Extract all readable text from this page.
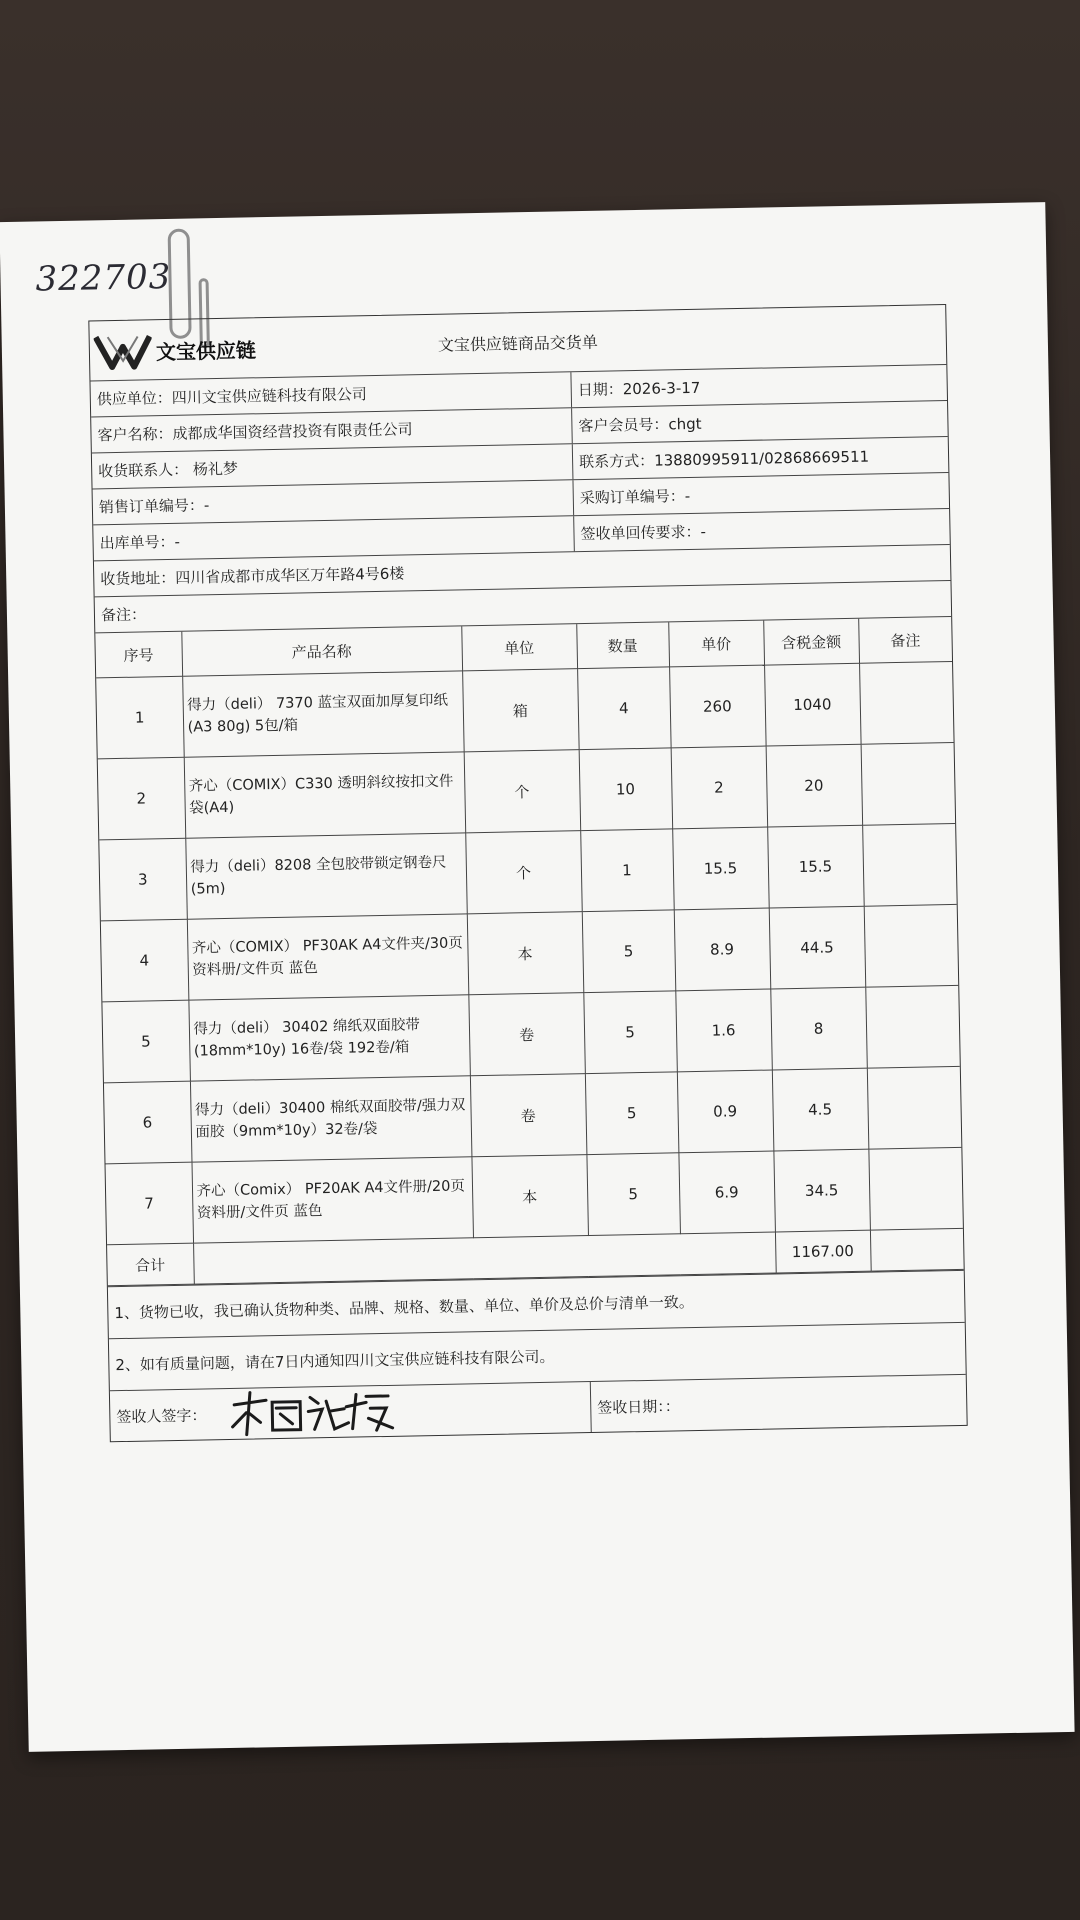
322703
文宝供应链	文宝供应链商品交货单
供应单位：四川文宝供应链科技有限公司	日期：2026-3-17
客户名称：成都成华国资经营投资有限责任公司	客户会员号：chgt
收货联系人： 杨礼梦	联系方式：13880995911/02868669511
销售订单编号：-	采购订单编号：-
出库单号：-	签收单回传要求：-
收货地址：四川省成都市成华区万年路4号6楼
备注：
序号	产品名称	单位	数量	单价	含税金额	备注
1	得力（deli） 7370 蓝宝双面加厚复印纸(A3 80g) 5包/箱	箱	4	260	1040	
2	齐心（COMIX）C330 透明斜纹按扣文件袋(A4)	个	10	2	20	
3	得力（deli）8208 全包胶带锁定钢卷尺(5m)	个	1	15.5	15.5	
4	齐心（COMIX） PF30AK A4文件夹/30页资料册/文件页 蓝色	本	5	8.9	44.5	
5	得力（deli） 30402 绵纸双面胶带(18mm*10y) 16卷/袋 192卷/箱	卷	5	1.6	8	
6	得力（deli）30400 棉纸双面胶带/强力双面胶（9mm*10y）32卷/袋	卷	5	0.9	4.5	
7	齐心（Comix） PF20AK A4文件册/20页资料册/文件页 蓝色	本	5	6.9	34.5	
合计					1167.00	
1、货物已收，我已确认货物种类、品牌、规格、数量、单位、单价及总价与清单一致。
2、如有质量问题，请在7日内通知四川文宝供应链科技有限公司。
签收人签字：	签收日期：：
